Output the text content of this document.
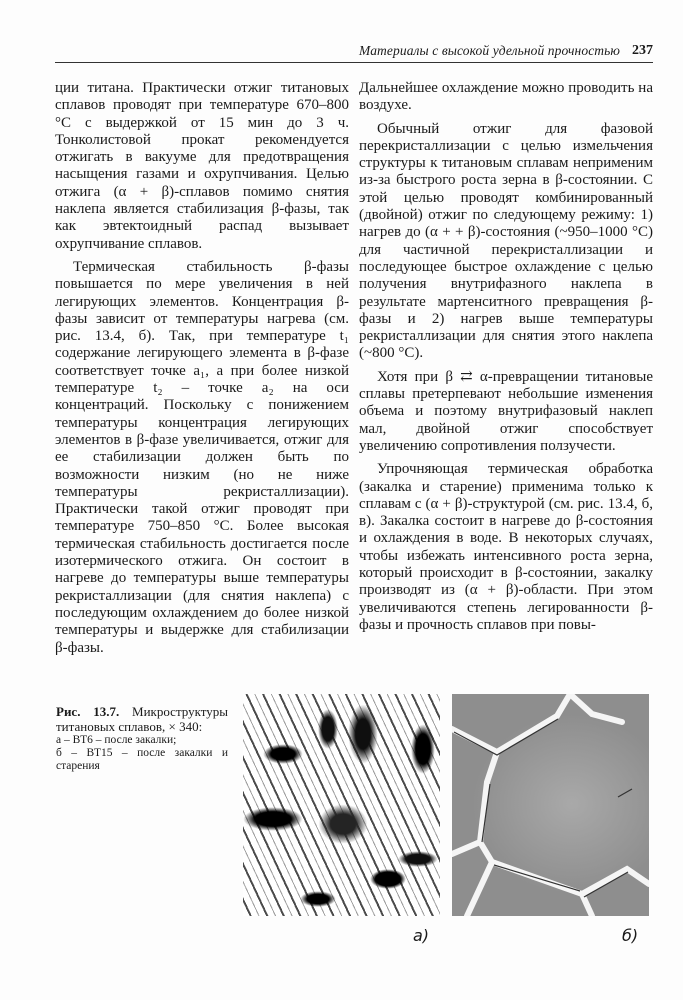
Материалы с высокой удельной прочностью 237

ции титана. Практически отжиг титановых сплавов проводят при температуре 670–800 °С с выдержкой от 15 мин до 3 ч. Тонколистовой прокат рекомендуется отжигать в вакууме для предотвращения насыщения газами и охрупчивания. Целью отжига (α + β)-сплавов помимо снятия наклепа является стабилизация β-фазы, так как эвтектоидный распад вызывает охрупчивание сплавов.

Термическая стабильность β-фазы повышается по мере увеличения в ней легирующих элементов. Концентрация β-фазы зависит от температуры нагрева (см. рис. 13.4, б). Так, при температуре t₁ содержание легирующего элемента в β-фазе соответствует точке a₁, а при более низкой температуре t₂ – точке a₂ на оси концентраций. Поскольку с понижением температуры концентрация легирующих элементов в β-фазе увеличивается, отжиг для ее стабилизации должен быть по возможности низким (но не ниже температуры рекристаллизации). Практически такой отжиг проводят при температуре 750–850 °С. Более высокая термическая стабильность достигается после изотермического отжига. Он состоит в нагреве до температуры выше температуры рекристаллизации (для снятия наклепа) с последующим охлаждением до более низкой температуры и выдержке для стабилизации β-фазы.

Дальнейшее охлаждение можно проводить на воздухе.

Обычный отжиг для фазовой перекристаллизации с целью измельчения структуры к титановым сплавам неприменим из-за быстрого роста зерна в β-состоянии. С этой целью проводят комбинированный (двойной) отжиг по следующему режиму: 1) нагрев до (α + + β)-состояния (~950–1000 °С) для частичной перекристаллизации и последующее быстрое охлаждение с целью получения внутрифазного наклепа в результате мартенситного превращения β-фазы и 2) нагрев выше температуры рекристаллизации для снятия этого наклепа (~800 °С).

Хотя при β ⇄ α-превращении титановые сплавы претерпевают небольшие изменения объема и поэтому внутрифазовый наклеп мал, двойной отжиг способствует увеличению сопротивления ползучести.

Упрочняющая термическая обработка (закалка и старение) применима только к сплавам с (α + β)-структурой (см. рис. 13.4, б, в). Закалка состоит в нагреве до β-состояния и охлаждения в воде. В некоторых случаях, чтобы избежать интенсивного роста зерна, который происходит в β-состоянии, закалку производят из (α + β)-области. При этом увеличиваются степень легированности β-фазы и прочность сплавов при повы-

Рис. 13.7. Микроструктуры титановых сплавов, × 340:
а – ВТ6 – после закалки;
б – ВТ15 – после закалки и старения
а)	б)
